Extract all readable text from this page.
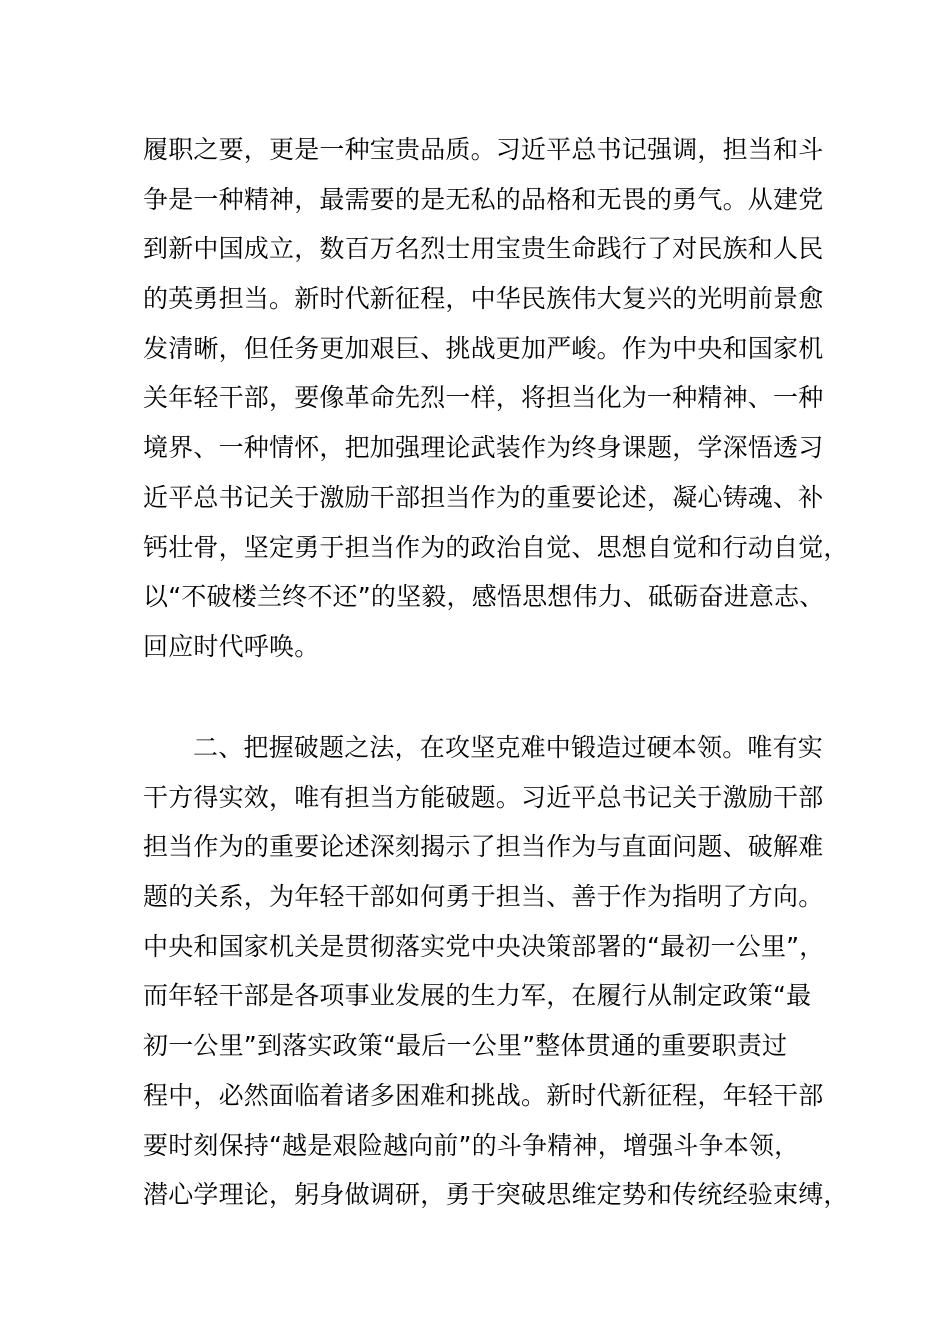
履职之要，更是一种宝贵品质。习近平总书记强调，担当和斗
争是一种精神，最需要的是无私的品格和无畏的勇气。从建党
到新中国成立，数百万名烈士用宝贵生命践行了对民族和人民
的英勇担当。新时代新征程，中华民族伟大复兴的光明前景愈
发清晰，但任务更加艰巨、挑战更加严峻。作为中央和国家机
关年轻干部，要像革命先烈一样，将担当化为一种精神、一种
境界、一种情怀，把加强理论武装作为终身课题，学深悟透习
近平总书记关于激励干部担当作为的重要论述，凝心铸魂、补
钙壮骨，坚定勇于担当作为的政治自觉、思想自觉和行动自觉，
以“不破楼兰终不还”的坚毅，感悟思想伟力、砥砺奋进意志、
回应时代呼唤。
二、把握破题之法，在攻坚克难中锻造过硬本领。唯有实
干方得实效，唯有担当方能破题。习近平总书记关于激励干部
担当作为的重要论述深刻揭示了担当作为与直面问题、破解难
题的关系，为年轻干部如何勇于担当、善于作为指明了方向。
中央和国家机关是贯彻落实党中央决策部署的“最初一公里”，
而年轻干部是各项事业发展的生力军，在履行从制定政策“最
初一公里”到落实政策“最后一公里”整体贯通的重要职责过
程中，必然面临着诸多困难和挑战。新时代新征程，年轻干部
要时刻保持“越是艰险越向前”的斗争精神，增强斗争本领，
潜心学理论，躬身做调研，勇于突破思维定势和传统经验束缚，
